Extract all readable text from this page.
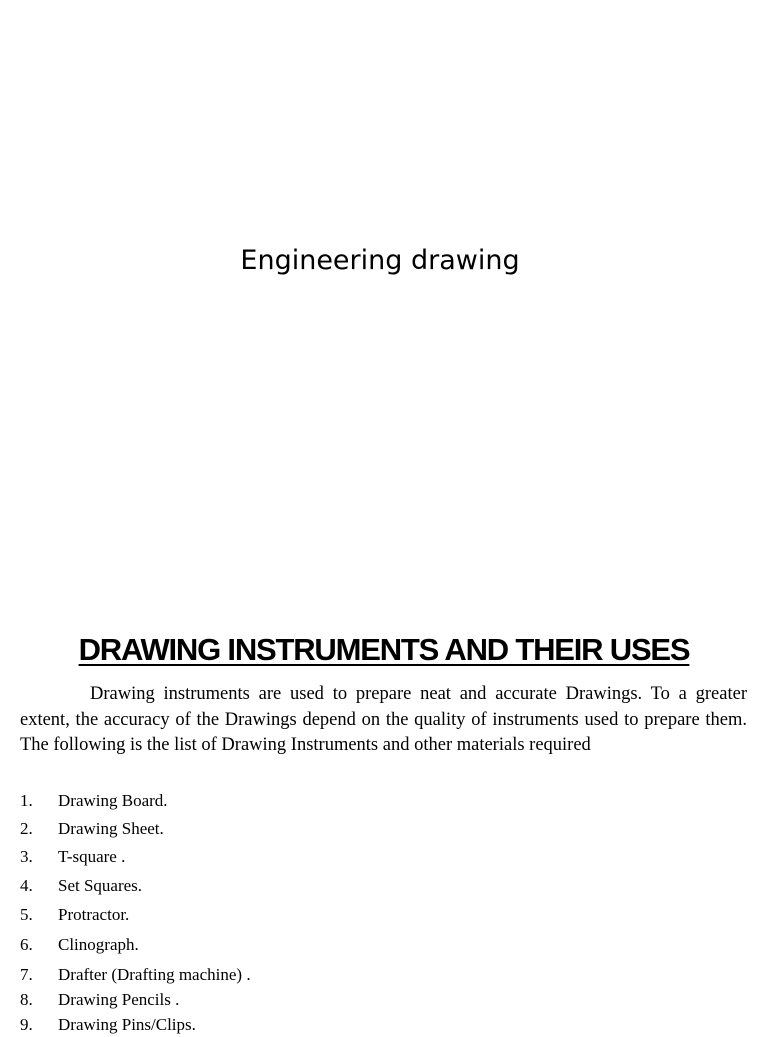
Engineering drawing
DRAWING INSTRUMENTS AND THEIR USES

Drawing instruments are used to prepare neat and accurate Drawings. To a greater extent, the accuracy of the Drawings depend on the quality of instruments used to prepare them. The following is the list of Drawing Instruments and other materials required

1. Drawing Board.
2. Drawing Sheet.
3. T-square .
4. Set Squares.
5. Protractor.
6. Clinograph.
7. Drafter (Drafting machine) .
8. Drawing Pencils .
9. Drawing Pins/Clips.
